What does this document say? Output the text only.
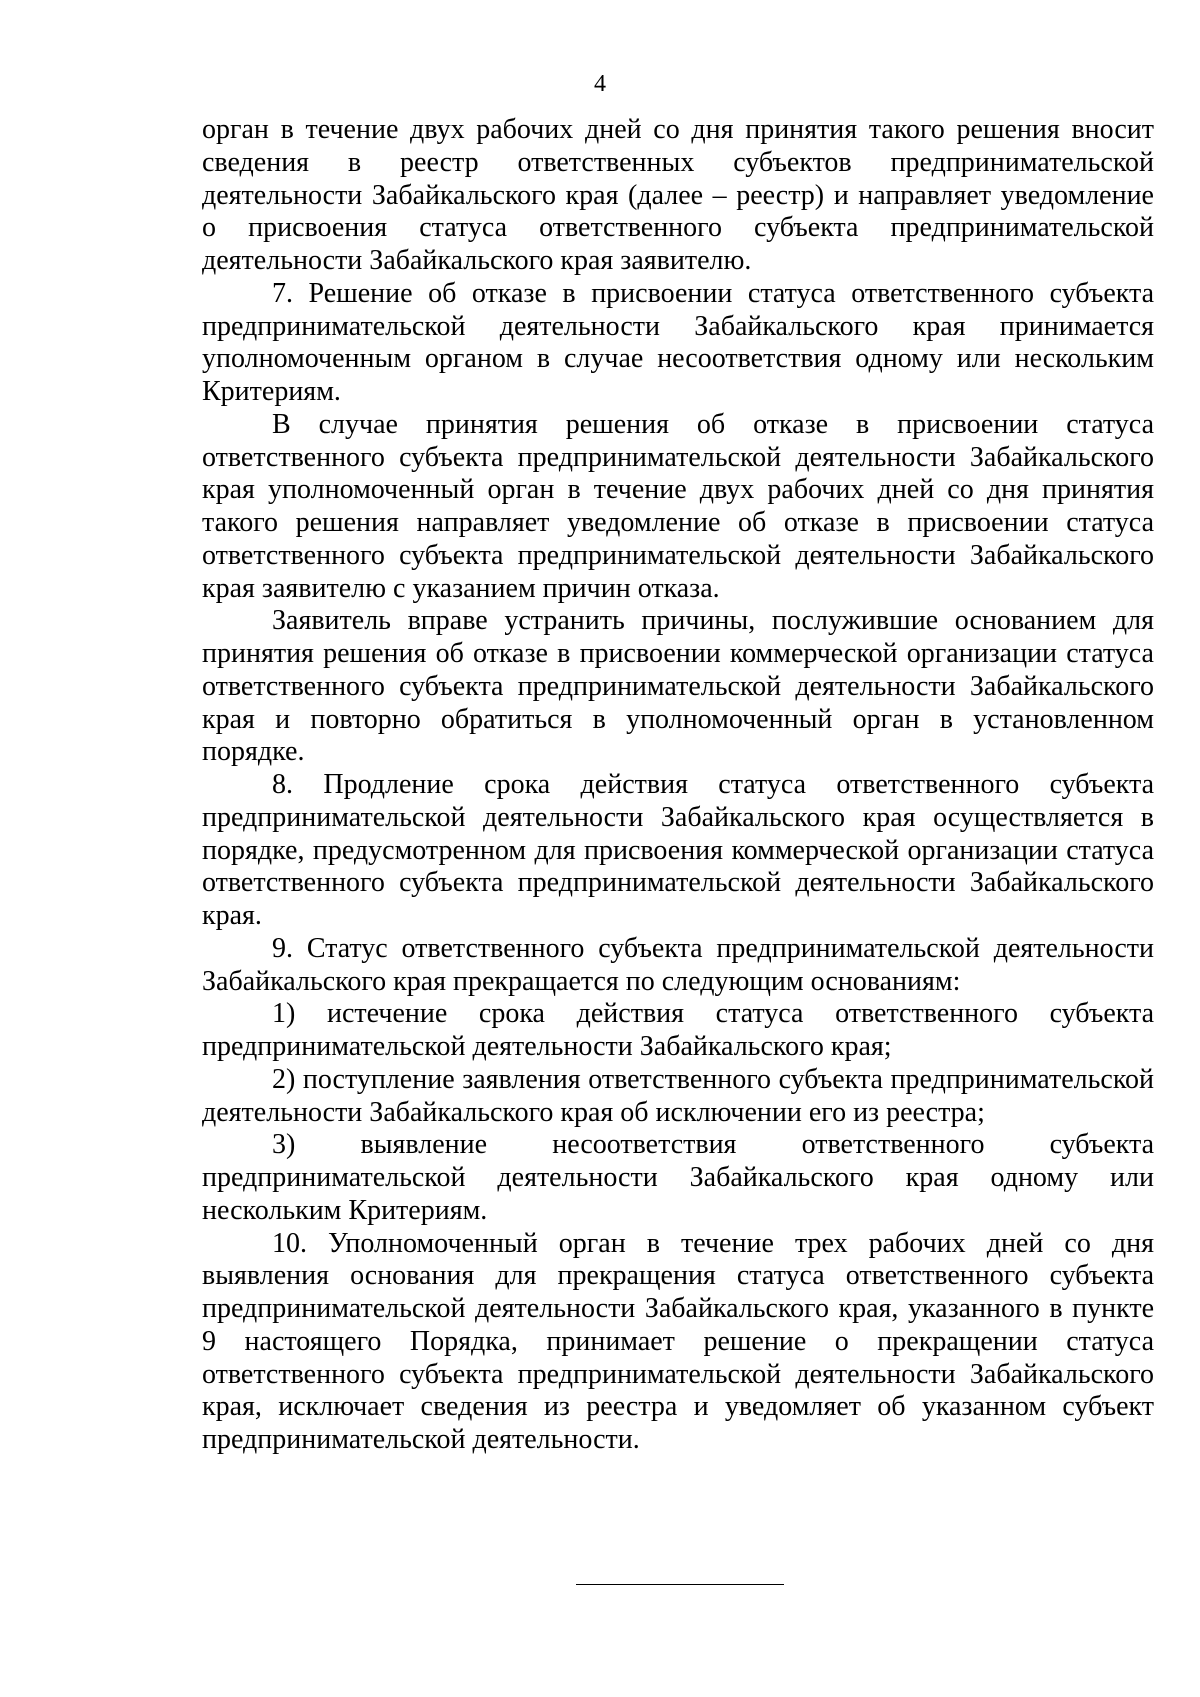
4

орган в течение двух рабочих дней со дня принятия такого решения вносит сведения в реестр ответственных субъектов предпринимательской деятельности Забайкальского края (далее – реестр) и направляет уведомление о присвоения статуса ответственного субъекта предпринимательской деятельности Забайкальского края заявителю.

7. Решение об отказе в присвоении статуса ответственного субъекта предпринимательской деятельности Забайкальского края принимается уполномоченным органом в случае несоответствия одному или нескольким Критериям.

В случае принятия решения об отказе в присвоении статуса ответственного субъекта предпринимательской деятельности Забайкальского края уполномоченный орган в течение двух рабочих дней со дня принятия такого решения направляет уведомление об отказе в присвоении статуса ответственного субъекта предпринимательской деятельности Забайкальского края заявителю с указанием причин отказа.

Заявитель вправе устранить причины, послужившие основанием для принятия решения об отказе в присвоении коммерческой организации статуса ответственного субъекта предпринимательской деятельности Забайкальского края и повторно обратиться в уполномоченный орган в установленном порядке.

8. Продление срока действия статуса ответственного субъекта предпринимательской деятельности Забайкальского края осуществляется в порядке, предусмотренном для присвоения коммерческой организации статуса ответственного субъекта предпринимательской деятельности Забайкальского края.

9. Статус ответственного субъекта предпринимательской деятельности Забайкальского края прекращается по следующим основаниям:

1) истечение срока действия статуса ответственного субъекта предпринимательской деятельности Забайкальского края;

2) поступление заявления ответственного субъекта предпринимательской деятельности Забайкальского края об исключении его из реестра;

3) выявление несоответствия ответственного субъекта предпринимательской деятельности Забайкальского края одному или нескольким Критериям.

10. Уполномоченный орган в течение трех рабочих дней со дня выявления основания для прекращения статуса ответственного субъекта предпринимательской деятельности Забайкальского края, указанного в пункте 9 настоящего Порядка, принимает решение о прекращении статуса ответственного субъекта предпринимательской деятельности Забайкальского края, исключает сведения из реестра и уведомляет об указанном субъект предпринимательской деятельности.
